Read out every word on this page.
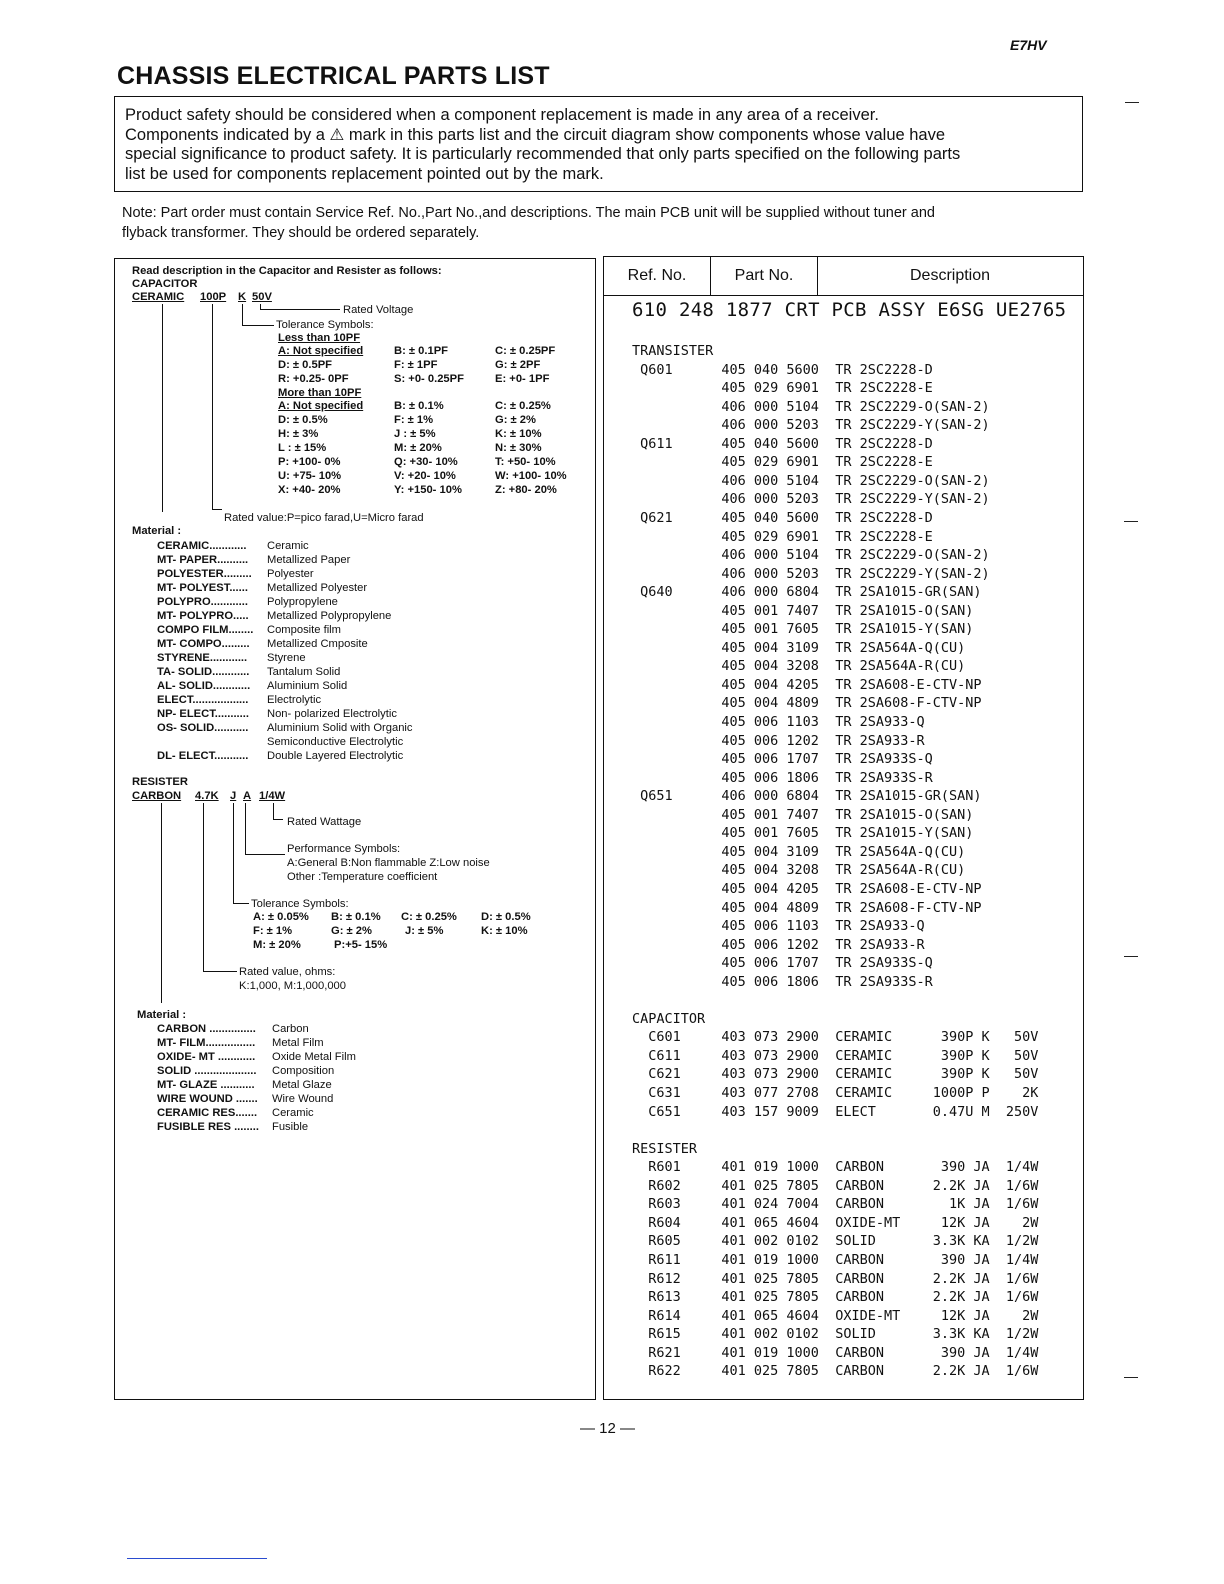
E7HV
CHASSIS ELECTRICAL PARTS LIST
Product safety should be considered when a component replacement is made in any area of a receiver.
Components indicated by a ⚠ mark in this parts list and the circuit diagram show components whose value have
special significance to product safety. It is particularly recommended that only parts specified on the following parts
list be used for components replacement pointed out by the mark.
Note: Part order must contain Service Ref. No.,Part No.,and descriptions. The main PCB unit will be supplied without tuner and
flyback transformer. They should be ordered separately.
Read description in the Capacitor and Resister as follows:
CAPACITOR
CERAMIC 100P K 50V
Rated Voltage
Tolerance Symbols:
Less than 10PF
A: Not specified	B: ± 0.1PF	C: ± 0.25PF
D: ± 0.5PF	F: ± 1PF	G: ± 2PF
R: +0.25- 0PF	S: +0- 0.25PF	E: +0- 1PF
More than 10PF
A: Not specified	B: ± 0.1%	C: ± 0.25%
D: ± 0.5%	F: ± 1%	G: ± 2%
H: ± 3%	J : ± 5%	K: ± 10%
L : ± 15%	M: ± 20%	N: ± 30%
P: +100- 0%	Q: +30- 10%	T: +50- 10%
U: +75- 10%	V: +20- 10%	W: +100- 10%
X: +40- 20%	Y: +150- 10%	Z: +80- 20%
Rated value:P=pico farad,U=Micro farad
Material :
CERAMIC............ Ceramic
MT- PAPER.......... Metallized Paper
POLYESTER......... Polyester
MT- POLYEST...... Metallized Polyester
POLYPRO............ Polypropylene
MT- POLYPRO..... Metallized Polypropylene
COMPO FILM........ Composite film
MT- COMPO......... Metallized Cmposite
STYRENE............ Styrene
TA- SOLID............ Tantalum Solid
AL- SOLID............ Aluminium Solid
ELECT.................. Electrolytic
NP- ELECT........... Non- polarized Electrolytic
OS- SOLID........... Aluminium Solid with Organic
Semiconductive Electrolytic
DL- ELECT........... Double Layered Electrolytic
RESISTER
CARBON 4.7K J A 1/4W
Rated Wattage
Performance Symbols:
A:General B:Non flammable Z:Low noise
Other :Temperature coefficient
Tolerance Symbols:
A: ± 0.05% B: ± 0.1% C: ± 0.25% D: ± 0.5%
F: ± 1%	G: ± 2%	J: ± 5%	K: ± 10%
M: ± 20%	P:+5- 15%
Rated value, ohms:
K:1,000, M:1,000,000
Material :
CARBON ............... Carbon
MT- FILM................ Metal Film
OXIDE- MT ............ Oxide Metal Film
SOLID .................... Composition
MT- GLAZE ........... Metal Glaze
WIRE WOUND ....... Wire Wound
CERAMIC RES....... Ceramic
FUSIBLE RES ........ Fusible
Ref. No.	Part No.	Description
610 248 1877 CRT PCB ASSY E6SG UE2765
TRANSISTER
Q601      405 040 5600  TR 2SC2228-D
405 029 6901  TR 2SC2228-E
406 000 5104  TR 2SC2229-O(SAN-2)
406 000 5203  TR 2SC2229-Y(SAN-2)
Q611      405 040 5600  TR 2SC2228-D
405 029 6901  TR 2SC2228-E
406 000 5104  TR 2SC2229-O(SAN-2)
406 000 5203  TR 2SC2229-Y(SAN-2)
Q621      405 040 5600  TR 2SC2228-D
405 029 6901  TR 2SC2228-E
406 000 5104  TR 2SC2229-O(SAN-2)
406 000 5203  TR 2SC2229-Y(SAN-2)
Q640      406 000 6804  TR 2SA1015-GR(SAN)
405 001 7407  TR 2SA1015-O(SAN)
405 001 7605  TR 2SA1015-Y(SAN)
405 004 3109  TR 2SA564A-Q(CU)
405 004 3208  TR 2SA564A-R(CU)
405 004 4205  TR 2SA608-E-CTV-NP
405 004 4809  TR 2SA608-F-CTV-NP
405 006 1103  TR 2SA933-Q
405 006 1202  TR 2SA933-R
405 006 1707  TR 2SA933S-Q
405 006 1806  TR 2SA933S-R
Q651      406 000 6804  TR 2SA1015-GR(SAN)
405 001 7407  TR 2SA1015-O(SAN)
405 001 7605  TR 2SA1015-Y(SAN)
405 004 3109  TR 2SA564A-Q(CU)
405 004 3208  TR 2SA564A-R(CU)
405 004 4205  TR 2SA608-E-CTV-NP
405 004 4809  TR 2SA608-F-CTV-NP
405 006 1103  TR 2SA933-Q
405 006 1202  TR 2SA933-R
405 006 1707  TR 2SA933S-Q
405 006 1806  TR 2SA933S-R
CAPACITOR
C601     403 073 2900  CERAMIC      390P K   50V
C611     403 073 2900  CERAMIC      390P K   50V
C621     403 073 2900  CERAMIC      390P K   50V
C631     403 077 2708  CERAMIC     1000P P    2K
C651     403 157 9009  ELECT       0.47U M  250V
RESISTER
R601     401 019 1000  CARBON       390 JA  1/4W
R602     401 025 7805  CARBON      2.2K JA  1/6W
R603     401 024 7004  CARBON        1K JA  1/6W
R604     401 065 4604  OXIDE-MT     12K JA    2W
R605     401 002 0102  SOLID       3.3K KA  1/2W
R611     401 019 1000  CARBON       390 JA  1/4W
R612     401 025 7805  CARBON      2.2K JA  1/6W
R613     401 025 7805  CARBON      2.2K JA  1/6W
R614     401 065 4604  OXIDE-MT     12K JA    2W
R615     401 002 0102  SOLID       3.3K KA  1/2W
R621     401 019 1000  CARBON       390 JA  1/4W
R622     401 025 7805  CARBON      2.2K JA  1/6W
— 12 —
